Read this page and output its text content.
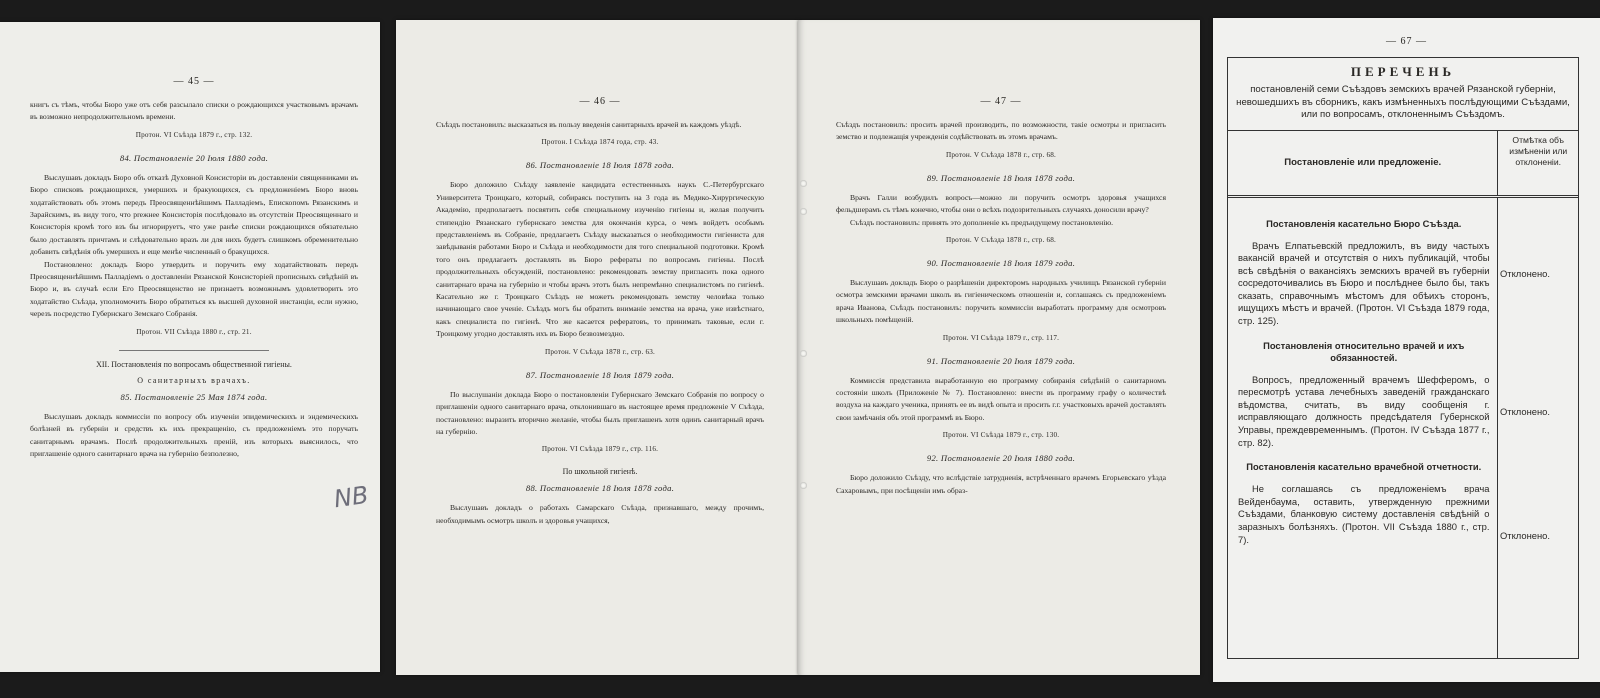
— 45 —

книгъ съ тѣмъ, чтобы Бюро уже отъ себя разсылало списки о рождающихся участковымъ врачамъ въ возможно непродолжительномъ времени.

Протон. VI Съѣзда 1879 г., стр. 132.
84. Постановленіе 20 Іюля 1880 года.

Выслушавъ докладъ Бюро объ отказѣ Духовной Консисторіи въ доставленіи священниками въ Бюро списковъ рождающихся, умершихъ и бракующихся, съ предложеніемъ Бюро вновь ходатайствовать объ этомъ передъ Преосвященнѣйшимъ Палладіемъ, Епископомъ Рязанскимъ и Зарайскимъ, въ виду того, что prежнее Консисторія поcлѣдовало въ отсутствіи Преосвященнаго и Консисторія кромѣ того взъ бы игнорируетъ, что уже ранѣе списки рождающихся обязательно было доставлять причтамъ и слѣдовательно вразъ ли для нихъ будетъ слишкомъ обременительно добавить свѣдѣнія объ умершихъ и еще менѣе численный о бракущихся.

Постановлено: докладъ Бюро утвердить и поручить ему ходатайствовать передъ Преосвященнѣйшимъ Палладіемъ о доставленіи Рязанской Консисторіей прописныхъ свѣдѣній въ Бюро и, въ случаѣ если Его Преосвященство не признаетъ возможнымъ удовлетворить это ходатайство Съѣзда, уполномочить Бюро обратиться къ высшей духовной инстанціи, если нужно, черезъ посредство Губернскаго Земскаго Собранія.

Протон. VII Съѣзда 1880 г., стр. 21.
XII. Постановленія по вопросамъ общественной гигіены.
О санитарныхъ врачахъ.
85. Постановленіе 25 Мая 1874 года.

Выслушавъ докладъ коммиссіи по вопросу объ изученіи эпидемическихъ и эндемическихъ болѣзней въ губерніи и средствъ къ ихъ прекращенію, съ предложеніемъ этo поручать санитарнымъ врачамъ. Послѣ продолжительныхъ преній, изъ которыхъ выяснилось, что приглашеніе одного санитарнаго врача на губернію безполезно,

NB
— 46 —

Съѣздъ постановилъ: высказаться въ пользу введенія санитарныхъ врачей въ каждомъ уѣздѣ.

Протон. I Съѣзда 1874 года, стр. 43.
86. Постановленіе 18 Іюля 1878 года.

Бюро доложило Съѣзду заявленіе кандидата естественныхъ наукъ С.-Петербургскаго Университета Троицкаго, который, собираясь поступить на 3 года въ Медико-Хирургическую Академію, предполагаетъ посвятить себя специальному изученію гигіены и, желая получить стипендію Рязанскаго губернскаго земства для окончанія курса, о чемъ войдетъ особымъ представленіемъ въ Собраніе, предлагаетъ Съѣзду высказаться о необходимости гигіениста для завѣдыванія работами Бюро и Съѣзда и необходимости для того специальной подготовки. Кромѣ того онъ предлагаетъ доставлять въ Бюро рефераты по вопросамъ гигіены. Послѣ продолжительныхъ обсужденій, постановлено: рекомендовать земству пригласить пока одного санитарнаго врача на губернію и чтобы врачъ этотъ былъ непремѣнно специалистомъ по гигіенѣ. Касательно же г. Троицкаго Съѣздъ не можетъ рекомендовать земству человѣка только начинающаго свое ученіе. Съѣздъ могъ бы обратить вниманіе земства на врача, уже извѣстнаго, какъ специалиста по гигіенѣ. Что же касается рефератовъ, то принимать таковые, если г. Троицкому угодно доставлять ихъ въ Бюро безвозмездно.

Протон. V Съѣзда 1878 г., стр. 63.
87. Постановленіе 18 Іюля 1879 года.

По выслушаніи доклада Бюро о постановленіи Губернскаго Земскаго Собранія по вопросу о приглашеніи одного санитарнаго врача, отклонившаго въ настоящее время предложеніе V Съѣзда, постановлено: выразить вторично желаніе, чтобы былъ приглашенъ хотя одинъ санитарный врачъ на губернію.

Протон. VI Съѣзда 1879 г., стр. 116.
По школьной гигіенѣ.
88. Постановленіе 18 Іюля 1878 года.

Выслушавъ докладъ о работахъ Самарскаго Съѣзда, признавшаго, между прочимъ, необходимымъ осмотръ школъ и здоровья учащихся,

— 47 —

Съѣздъ постановилъ: просить врачей производить, по возможности, такіе осмотры и пригласить земство и подлежащія учрежденія содѣйствовать въ этомъ врачамъ.

Протон. V Съѣзда 1878 г., стр. 68.
89. Постановленіе 18 Іюля 1878 года.

Врачъ Галли возбудилъ вопросъ—можно ли поручить осмотръ здоровья учащихся фельдшерамъ съ тѣмъ конечно, чтобы они о всѣхъ подозрительныхъ случаяхъ доносили врачу?

Съѣздъ постановилъ: принять это дополненіе къ предъидущему постановленію.

Протон. V Съѣзда 1878 г., стр. 68.
90. Постановленіе 18 Іюля 1879 года.

Выслушавъ докладъ Бюро о разрѣшеніи директоромъ народныхъ училищъ Рязанской губерніи осмотра земскими врачами школъ въ гигіеническомъ отношеніи и, соглашаясь съ предложеніемъ врача Иванова, Съѣздъ постановилъ: поручить коммиссіи выработать программу для осмотровъ школьныхъ помѣщеній.

Протон. VI Съѣзда 1879 г., стр. 117.
91. Постановленіе 20 Іюля 1879 года.

Коммиссія представила выработанную ею программу собиранія свѣдѣній о санитарномъ состояніи школъ (Приложеніе № 7). Постановлено: внести въ программу графу о количествѣ воздуха на каждаго ученика, принять ее въ видѣ опыта и просить г.г. участковыхъ врачей доставлять свои замѣчанія объ этой программѣ въ Бюро.

Протон. VI Съѣзда 1879 г., стр. 130.
92. Постановленіе 20 Іюля 1880 года.

Бюро доложило Съѣзду, что вслѣдствіе затрудненія, встрѣченнаго врачемъ Егорьевскаго уѣзда Сахаровымъ, при посѣщеніи имъ образ-

— 67 —
ПЕРЕЧЕНЬ
постановленій семи Съѣздовъ земскихъ врачей Рязанской губерніи, невошедшихъ въ сборникъ, какъ измѣненныхъ послѣдующими Съѣздами, или по вопросамъ, отклоненнымъ Съѣздомъ.
Постановленіе или предложеніе.
Отмѣтка объ измѣненіи или отклоненіи.
Постановленія касательно Бюро Съѣзда.

Врачъ Елпатьевскій предложилъ, въ виду частыхъ вакансій врачей и отсутствія о нихъ публикацій, чтобы всѣ свѣдѣнія о вакансіяхъ земскихъ врачей въ губерніи сосредоточивались въ Бюро и послѣднее было бы, такъ сказать, справочнымъ мѣстомъ для обѣихъ сторонъ, ищущихъ мѣстъ и врачей. (Протон. VI Съѣзда 1879 года, стр. 125).

Постановленія относительно врачей и ихъ обязанностей.

Вопросъ, предложенный врачемъ Шефферомъ, о пересмотрѣ устава лечебныхъ заведеній гражданскаго вѣдомства, считать, въ виду сообщенія г. исправляющаго должность предсѣдателя Губернской Управы, преждевременнымъ. (Протон. IV Съѣзда 1877 г., стр. 82).

Постановленія касательно врачебной отчетности.

Не соглашаясь съ предложеніемъ врача Вейденбаума, оставить, утвержденную прежними Съѣздами, бланковую систему доставленія свѣдѣній о заразныхъ болѣзняхъ. (Протон. VII Съѣзда 1880 г., стр. 7).

Отклонено.
Отклонено.
Отклонено.
